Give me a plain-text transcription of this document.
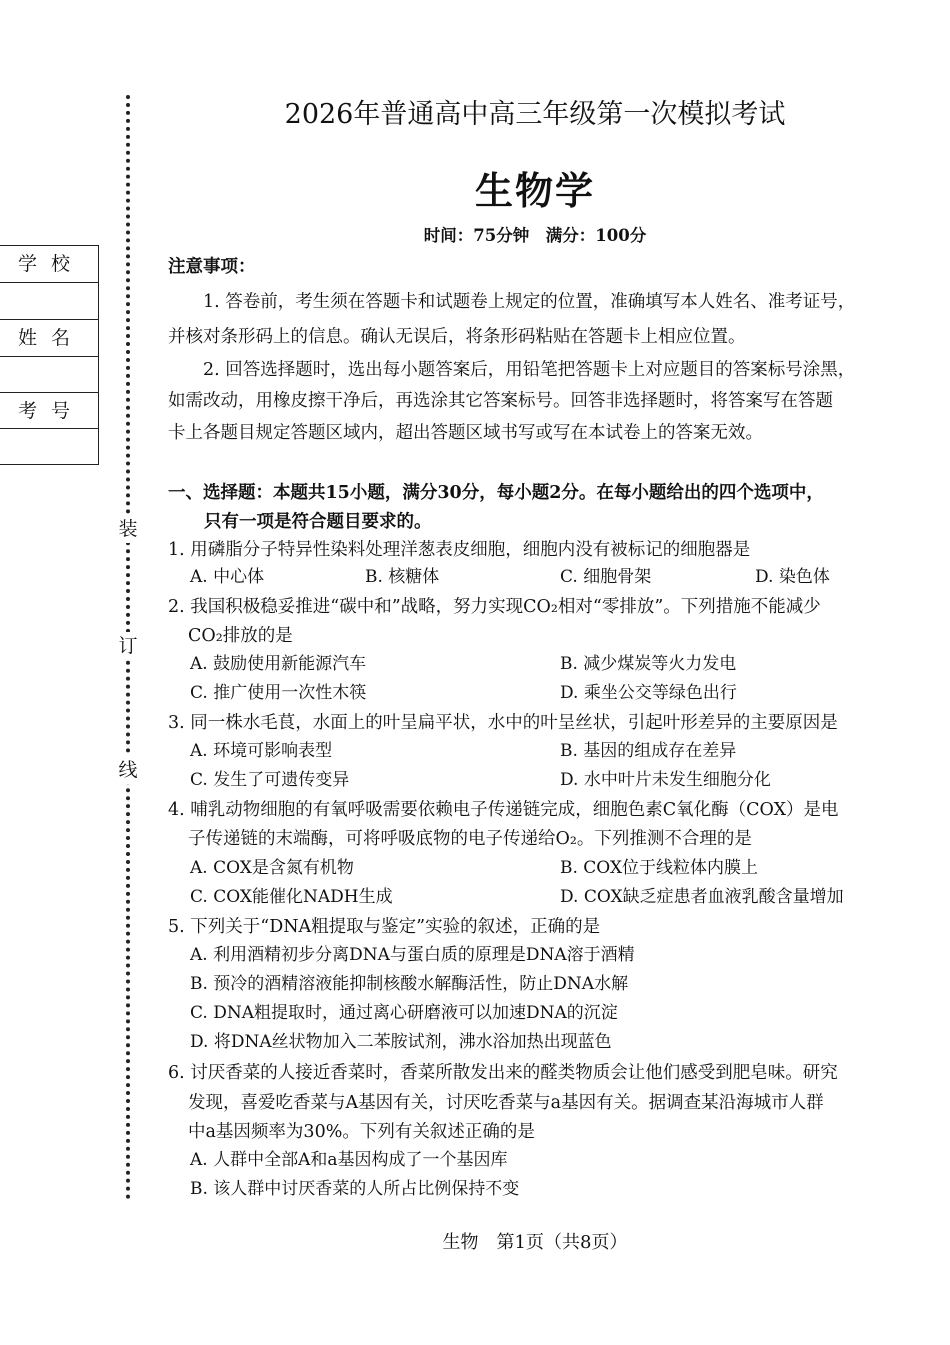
学校
姓名
考号
装
订
线
2026年普通高中高三年级第一次模拟考试
生物学
时间：75分钟　满分：100分
注意事项：
　　1. 答卷前，考生须在答题卡和试题卷上规定的位置，准确填写本人姓名、准考证号，
并核对条形码上的信息。确认无误后，将条形码粘贴在答题卡上相应位置。
　　2. 回答选择题时，选出每小题答案后，用铅笔把答题卡上对应题目的答案标号涂黑，
如需改动，用橡皮擦干净后，再选涂其它答案标号。回答非选择题时，将答案写在答题
卡上各题目规定答题区域内，超出答题区域书写或写在本试卷上的答案无效。
一、选择题：本题共15小题，满分30分，每小题2分。在每小题给出的四个选项中，
只有一项是符合题目要求的。
1. 用磷脂分子特异性染料处理洋葱表皮细胞，细胞内没有被标记的细胞器是
A. 中心体	B. 核糖体	C. 细胞骨架	D. 染色体
2. 我国积极稳妥推进“碳中和”战略，努力实现CO₂相对“零排放”。下列措施不能减少
CO₂排放的是
A. 鼓励使用新能源汽车	B. 减少煤炭等火力发电
C. 推广使用一次性木筷	D. 乘坐公交等绿色出行
3. 同一株水毛茛，水面上的叶呈扁平状，水中的叶呈丝状，引起叶形差异的主要原因是
A. 环境可影响表型	B. 基因的组成存在差异
C. 发生了可遗传变异	D. 水中叶片未发生细胞分化
4. 哺乳动物细胞的有氧呼吸需要依赖电子传递链完成，细胞色素C氧化酶（COX）是电
子传递链的末端酶，可将呼吸底物的电子传递给O₂。下列推测不合理的是
A. COX是含氮有机物	B. COX位于线粒体内膜上
C. COX能催化NADH生成	D. COX缺乏症患者血液乳酸含量增加
5. 下列关于“DNA粗提取与鉴定”实验的叙述，正确的是
A. 利用酒精初步分离DNA与蛋白质的原理是DNA溶于酒精
B. 预冷的酒精溶液能抑制核酸水解酶活性，防止DNA水解
C. DNA粗提取时，通过离心研磨液可以加速DNA的沉淀
D. 将DNA丝状物加入二苯胺试剂，沸水浴加热出现蓝色
6. 讨厌香菜的人接近香菜时，香菜所散发出来的醛类物质会让他们感受到肥皂味。研究
发现，喜爱吃香菜与A基因有关，讨厌吃香菜与a基因有关。据调查某沿海城市人群
中a基因频率为30%。下列有关叙述正确的是
A. 人群中全部A和a基因构成了一个基因库
B. 该人群中讨厌香菜的人所占比例保持不变
生物　第1页（共8页）
